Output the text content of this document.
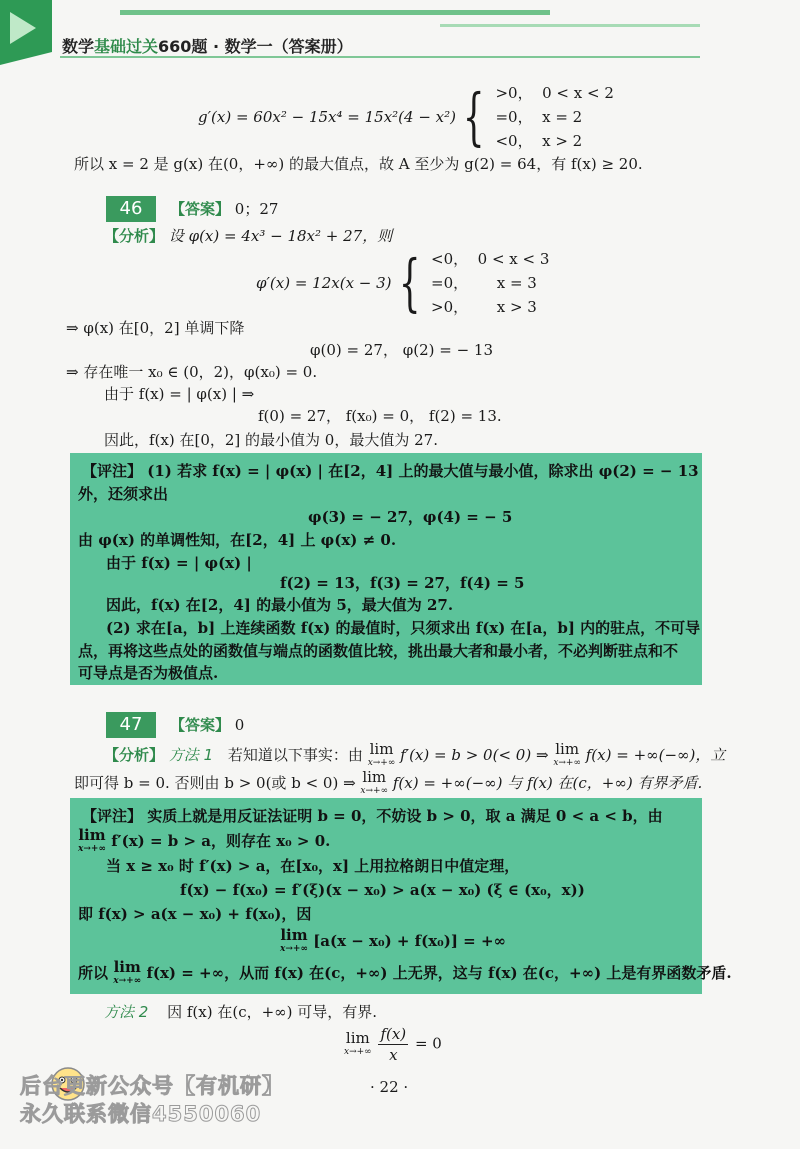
数学基础过关660题 · 数学一（答案册）
g′(x) = 60x² − 15x⁴ = 15x²(4 − x²) { >0，  0 < x < 2
=0，  x = 2
<0，  x > 2
所以 x = 2 是 g(x) 在(0，+∞) 的最大值点，故 A 至少为 g(2) = 64，有 f(x) ≥ 20.
46	【答案】 0；27
【分析】 设 φ(x) = 4x³ − 18x² + 27，则
φ′(x) = 12x(x − 3) { <0，  0 < x < 3
=0，      x = 3
>0，      x > 3
⇒ φ(x) 在[0，2] 单调下降
φ(0) = 27， φ(2) = − 13
⇒ 存在唯一 x₀ ∈ (0，2)，φ(x₀) = 0.
由于 f(x) = | φ(x) | ⇒
f(0) = 27， f(x₀) = 0， f(2) = 13.
因此，f(x) 在[0，2] 的最小值为 0，最大值为 27.
【评注】 (1) 若求 f(x) = | φ(x) | 在[2，4] 上的最大值与最小值，除求出 φ(2) = − 13
外，还须求出
φ(3) = − 27，φ(4) = − 5
由 φ(x) 的单调性知，在[2，4] 上 φ(x) ≠ 0.
由于 f(x) = | φ(x) |
f(2) = 13，f(3) = 27，f(4) = 5
因此，f(x) 在[2，4] 的最小值为 5，最大值为 27.
(2) 求在[a，b] 上连续函数 f(x) 的最值时，只须求出 f(x) 在[a，b] 内的驻点，不可导
点，再将这些点处的函数值与端点的函数值比较，挑出最大者和最小者，不必判断驻点和不
可导点是否为极值点.
47	【答案】 0
【分析】 方法 1 若知道以下事实：由 lim
x→+∞ f′(x) = b > 0(< 0) ⇒ lim
x→+∞ f(x) = +∞(−∞)，立
即可得 b = 0. 否则由 b > 0(或 b < 0) ⇒ lim
x→+∞ f(x) = +∞(−∞) 与 f(x) 在(c，+∞) 有界矛盾.
【评注】 实质上就是用反证法证明 b = 0，不妨设 b > 0，取 a 满足 0 < a < b，由
lim
x→+∞ f′(x) = b > a，则存在 x₀ > 0.
当 x ≥ x₀ 时 f′(x) > a，在[x₀，x] 上用拉格朗日中值定理，
f(x) − f(x₀) = f′(ξ)(x − x₀) > a(x − x₀) (ξ ∈ (x₀，x))
即 f(x) > a(x − x₀) + f(x₀)，因
lim
x→+∞ [a(x − x₀) + f(x₀)] = +∞
所以 lim
x→+∞ f(x) = +∞，从而 f(x) 在(c，+∞) 上无界，这与 f(x) 在(c，+∞) 上是有界函数矛盾.
方法 2 因 f(x) 在(c，+∞) 可导，有界.
lim
x→+∞
$\frac{f(x)}{x} = 0$
· 22 ·
后台更新公众号【有机研】
永久联系微信4550060
